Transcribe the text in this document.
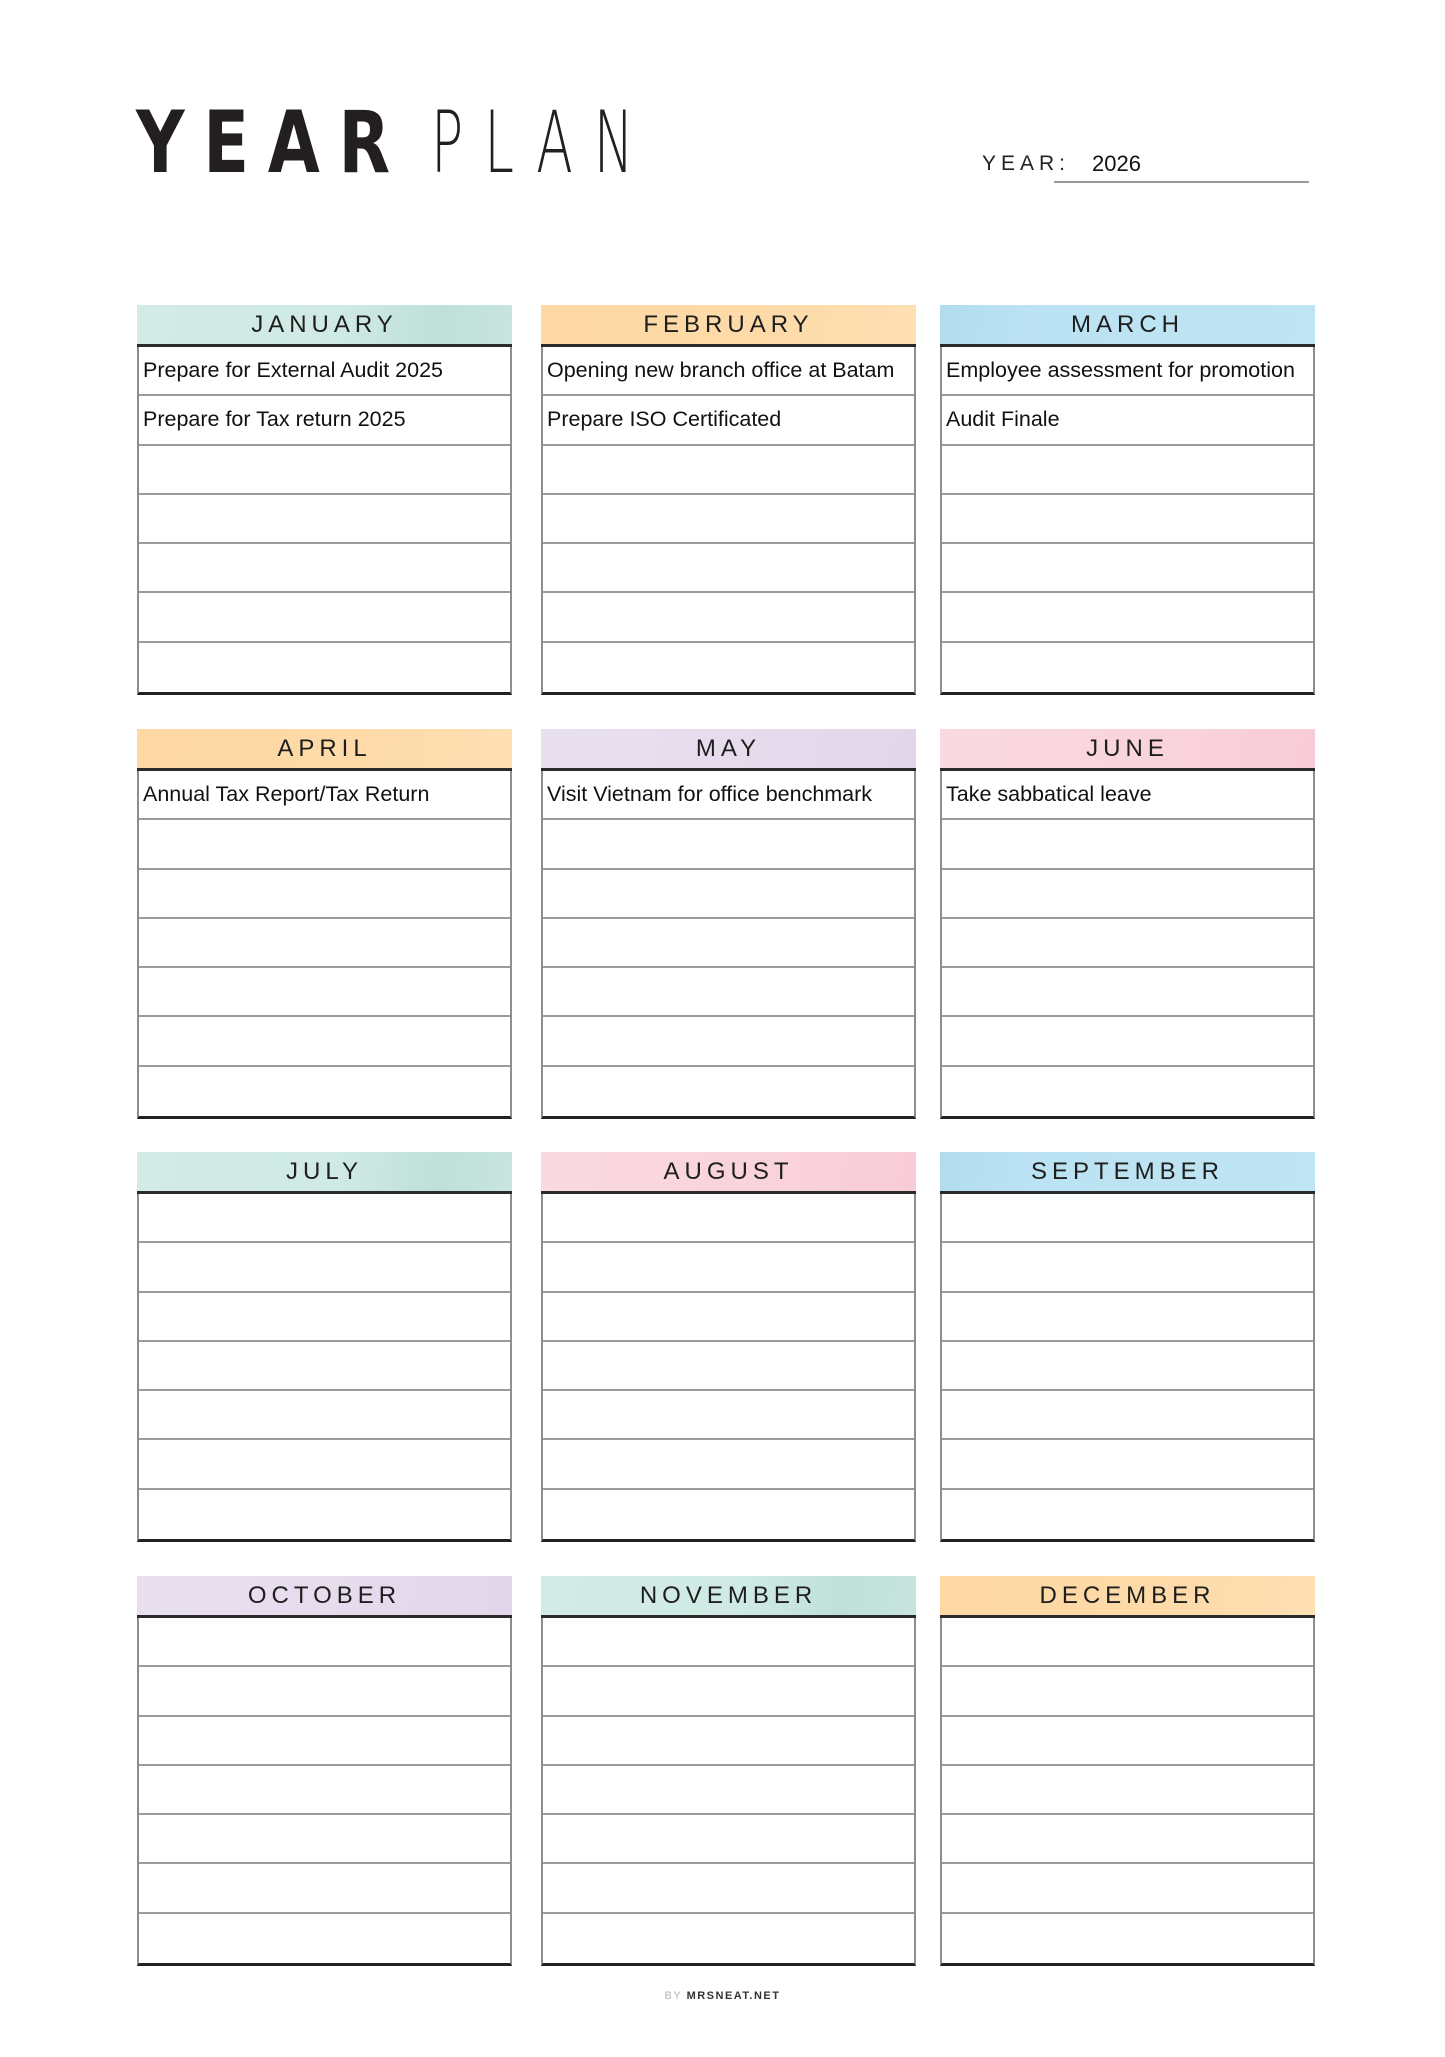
YEAR PLAN	YEAR: 2026
JANUARY
Prepare for External Audit 2025
Prepare for Tax return 2025
FEBRUARY
Opening new branch office at Batam
Prepare ISO Certificated
MARCH
Employee assessment for promotion
Audit Finale
APRIL
Annual Tax Report/Tax Return
MAY
Visit Vietnam for office benchmark
JUNE
Take sabbatical leave
JULY	AUGUST	SEPTEMBER
OCTOBER	NOVEMBER	DECEMBER
BY MRSNEAT.NET
